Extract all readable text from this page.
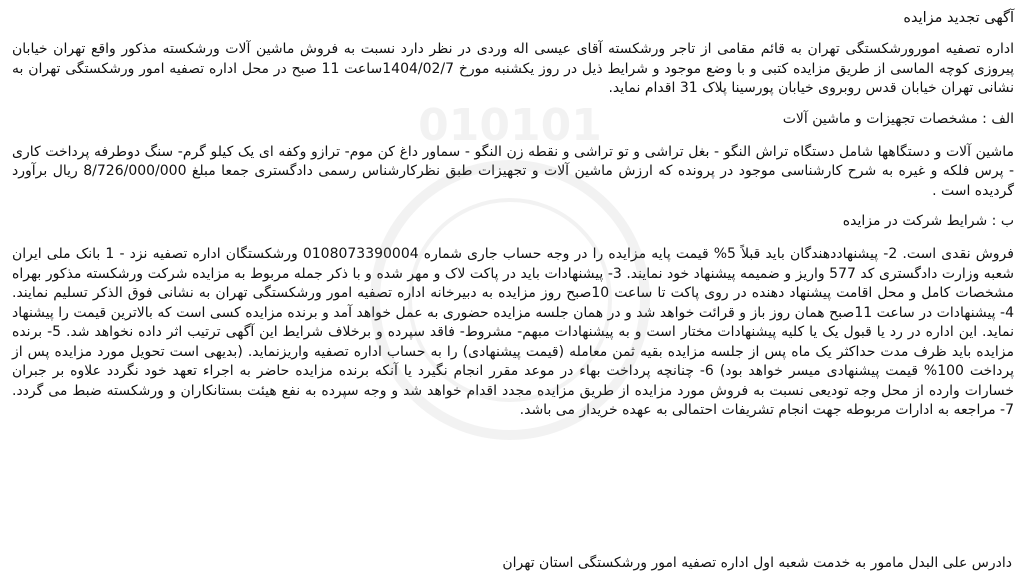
010101
آگهی تجدید مزایده

اداره تصفیه امورورشکستگی تهران به قائم مقامی از تاجر ورشکسته آقای عیسی اله وردی در نظر دارد نسبت به فروش ماشین آلات ورشکسته مذکور واقع تهران خیابان پیروزی کوچه الماسی از طریق مزایده کتبی و با وضع موجود و شرایط ذیل در روز یکشنبه مورخ 1404/02/7ساعت 11 صبح در محل اداره تصفیه امور ورشکستگی تهران به نشانی تهران خیابان قدس روبروی خیابان پورسینا پلاک 31 اقدام نماید.

الف : مشخصات تجهیزات و ماشین آلات

ماشین آلات و دستگاهها شامل دستگاه تراش النگو - بغل تراشی و تو تراشی و نقطه زن النگو - سماور داغ کن موم- ترازو وکفه ای یک کیلو گرم- سنگ دوطرفه پرداخت کاری - پرس فلکه و غیره به شرح کارشناسی موجود در پرونده که ارزش ماشین آلات و تجهیزات طبق نظرکارشناس رسمی دادگستری جمعا مبلغ 8/726/000/000 ریال برآورد گردیده است .

ب : شرایط شرکت در مزایده

فروش نقدی است. 2- پیشنهاددهندگان باید قبلاً 5% قیمت پایه مزایده را در وجه حساب جاری شماره 0108073390004 ورشکستگان اداره تصفیه نزد - 1 بانک ملی ایران شعبه وزارت دادگستری کد 577 واریز و ضمیمه پیشنهاد خود نمایند. 3- پیشنهادات باید در پاکت لاک و مهر شده و با ذکر جمله مربوط به مزایده شرکت ورشکسته مذکور بهراه مشخصات کامل و محل اقامت پیشنهاد دهنده در روی پاکت تا ساعت 10صبح روز مزایده به دبیرخانه اداره تصفیه امور ورشکستگی تهران به نشانی فوق الذکر تسلیم نمایند. 4- پیشنهادات در ساعت 11صبح همان روز باز و قرائت خواهد شد و در همان جلسه مزایده حضوری به عمل خواهد آمد و برنده مزایده کسی است که بالاترین قیمت را پیشنهاد نماید. این اداره در رد یا قبول یک یا کلیه پیشنهادات مختار است و به پیشنهادات مبهم- مشروط- فاقد سپرده و برخلاف شرایط این آگهی ترتیب اثر داده نخواهد شد. 5- برنده مزایده باید ظرف مدت حداکثر یک ماه پس از جلسه مزایده بقیه ثمن معامله (قیمت پیشنهادی) را به حساب اداره تصفیه واریزنماید. (بدیهی است تحویل مورد مزایده پس از پرداخت 100% قیمت پیشنهادی میسر خواهد بود) 6- چنانچه پرداخت بهاء در موعد مقرر انجام نگیرد یا آنکه برنده مزایده حاضر به اجراء تعهد خود نگردد علاوه بر جبران خسارات وارده از محل وجه تودیعی نسبت به فروش مورد مزایده از طریق مزایده مجدد اقدام خواهد شد و وجه سپرده به نفع هیئت بستانکاران و ورشکسته ضبط می گردد. 7- مراجعه به ادارات مربوطه جهت انجام تشریفات احتمالی به عهده خریدار می باشد.

دادرس علی البدل مامور به خدمت شعبه اول اداره تصفیه امور ورشکستگی استان تهران
